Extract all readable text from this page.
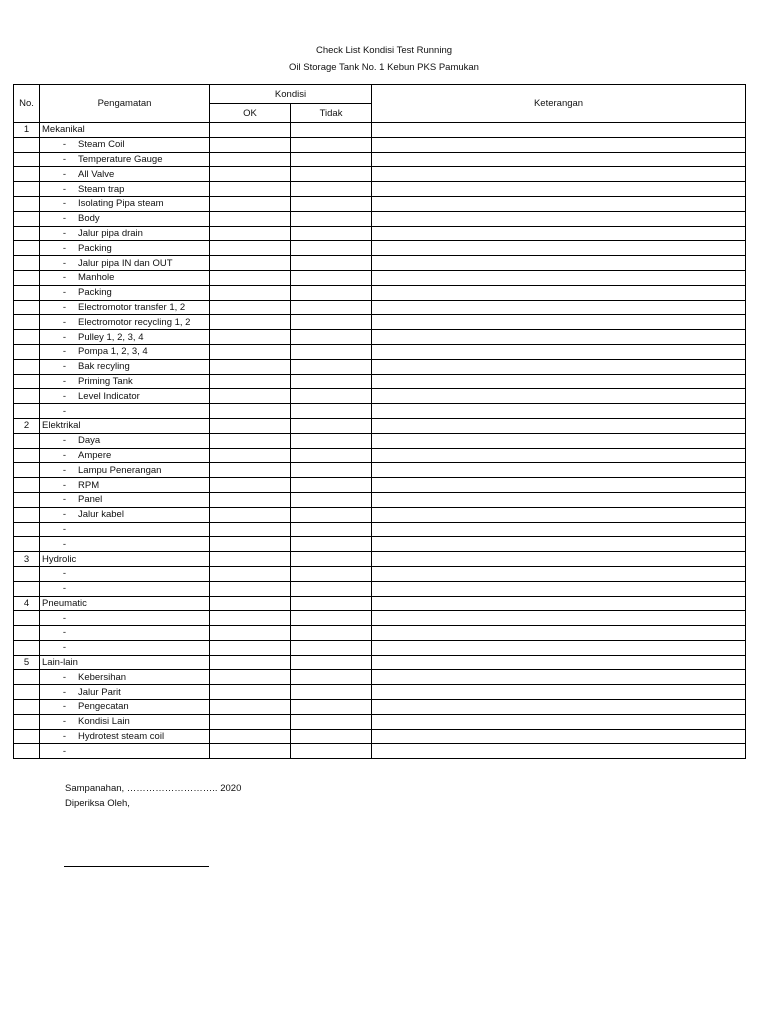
Check List Kondisi Test Running
Oil Storage Tank No. 1 Kebun PKS Pamukan
No.	Pengamatan	Kondisi		Keterangan
		OK	Tidak	
1	Mekanikal			
	- Steam Coil			
	- Temperature Gauge			
	- All Valve			
	- Steam trap			
	- Isolating Pipa steam			
	- Body			
	- Jalur pipa drain			
	- Packing			
	- Jalur pipa IN dan OUT			
	- Manhole			
	- Packing			
	- Electromotor transfer 1, 2			
	- Electromotor recycling 1, 2			
	- Pulley 1, 2, 3, 4			
	- Pompa 1, 2, 3, 4			
	- Bak recyling			
	- Priming Tank			
	- Level Indicator			
	-			
2	Elektrikal			
	- Daya			
	- Ampere			
	- Lampu Penerangan			
	- RPM			
	- Panel			
	- Jalur kabel			
	-			
	-			
3	Hydrolic			
	-			
	-			
4	Pneumatic			
	-			
	-			
	-			
5	Lain-lain			
	- Kebersihan			
	- Jalur Parit			
	- Pengecatan			
	- Kondisi Lain			
	- Hydrotest steam coil			
	-			
Sampanahan, ……………………….. 2020
Diperiksa Oleh,
